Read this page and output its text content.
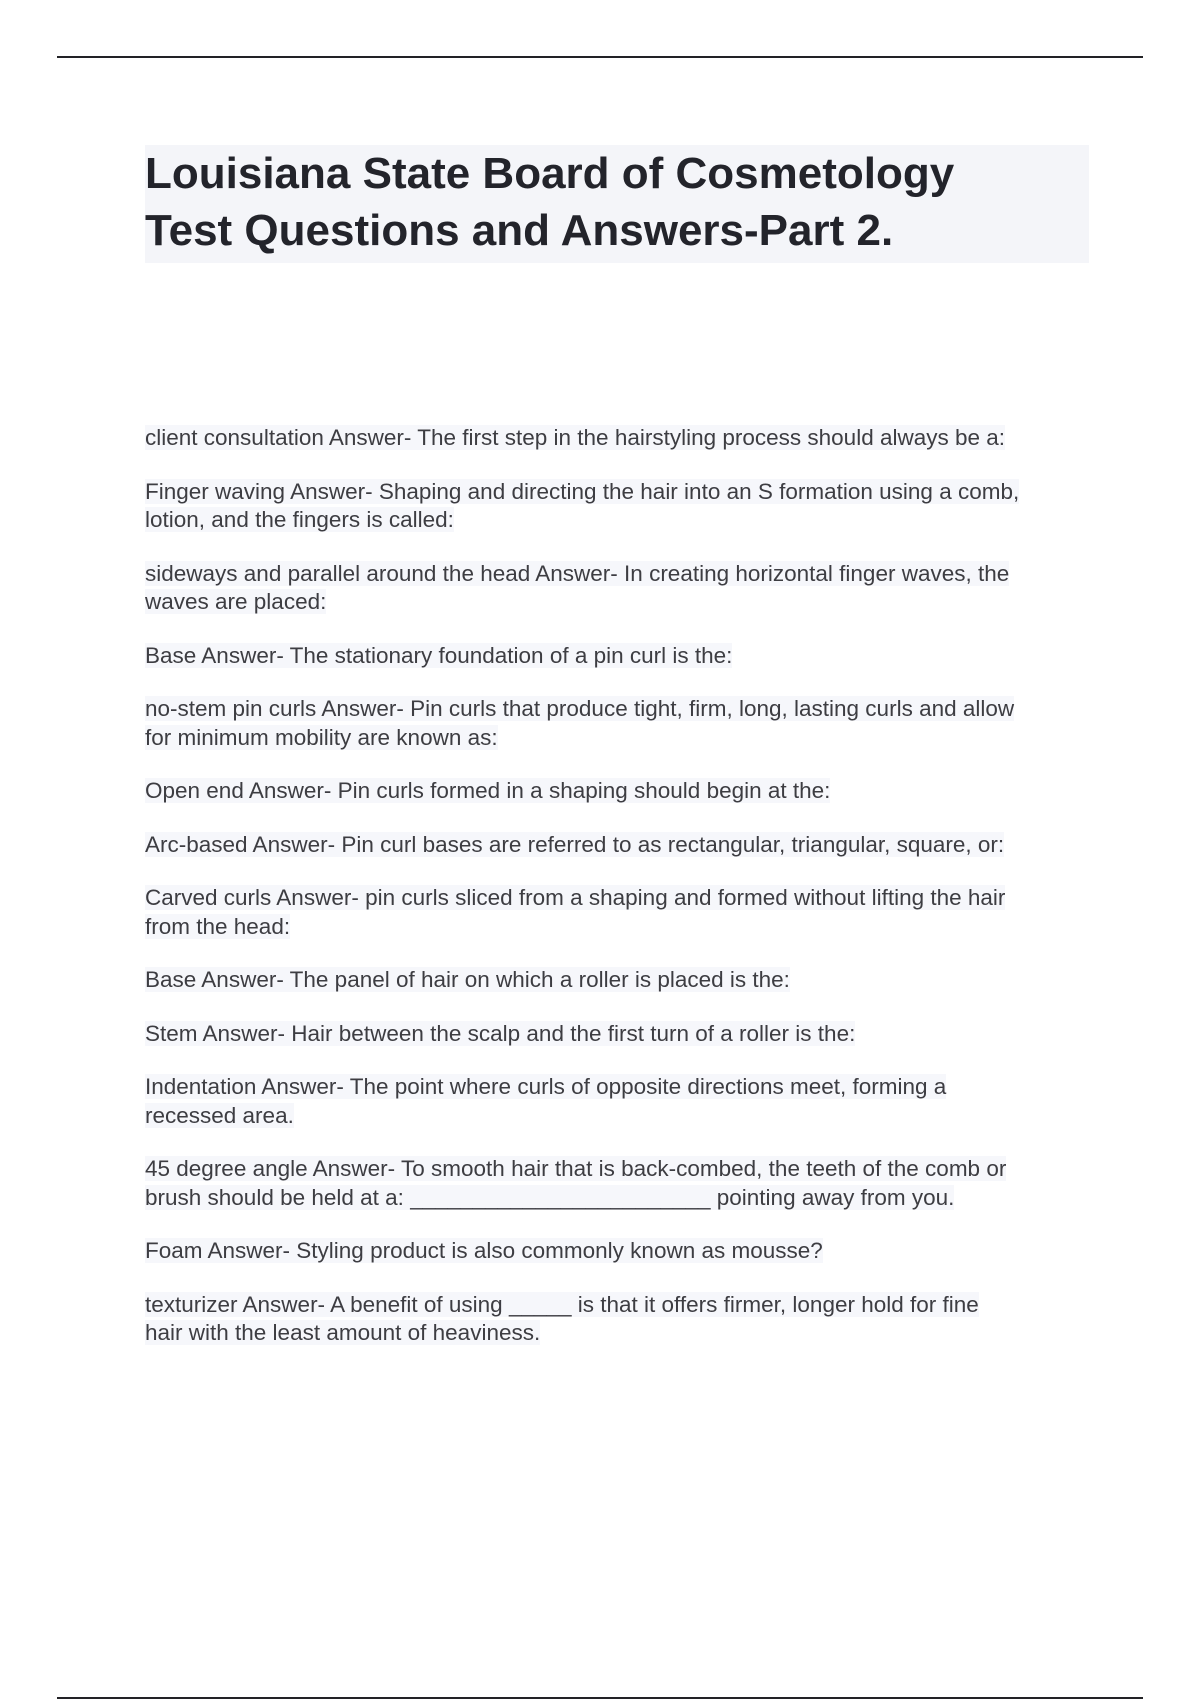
Louisiana State Board of Cosmetology
Test Questions and Answers-Part 2.
client consultation Answer- The first step in the hairstyling process should always be a:
Finger waving Answer- Shaping and directing the hair into an S formation using a comb,
lotion, and the fingers is called:
sideways and parallel around the head Answer- In creating horizontal finger waves, the
waves are placed:
Base Answer- The stationary foundation of a pin curl is the:
no-stem pin curls Answer- Pin curls that produce tight, firm, long, lasting curls and allow
for minimum mobility are known as:
Open end Answer- Pin curls formed in a shaping should begin at the:
Arc-based Answer- Pin curl bases are referred to as rectangular, triangular, square, or:
Carved curls Answer- pin curls sliced from a shaping and formed without lifting the hair
from the head:
Base Answer- The panel of hair on which a roller is placed is the:
Stem Answer- Hair between the scalp and the first turn of a roller is the:
Indentation Answer- The point where curls of opposite directions meet, forming a
recessed area.
45 degree angle Answer- To smooth hair that is back-combed, the teeth of the comb or
brush should be held at a: ________________________ pointing away from you.
Foam Answer- Styling product is also commonly known as mousse?
texturizer Answer- A benefit of using _____ is that it offers firmer, longer hold for fine
hair with the least amount of heaviness.
